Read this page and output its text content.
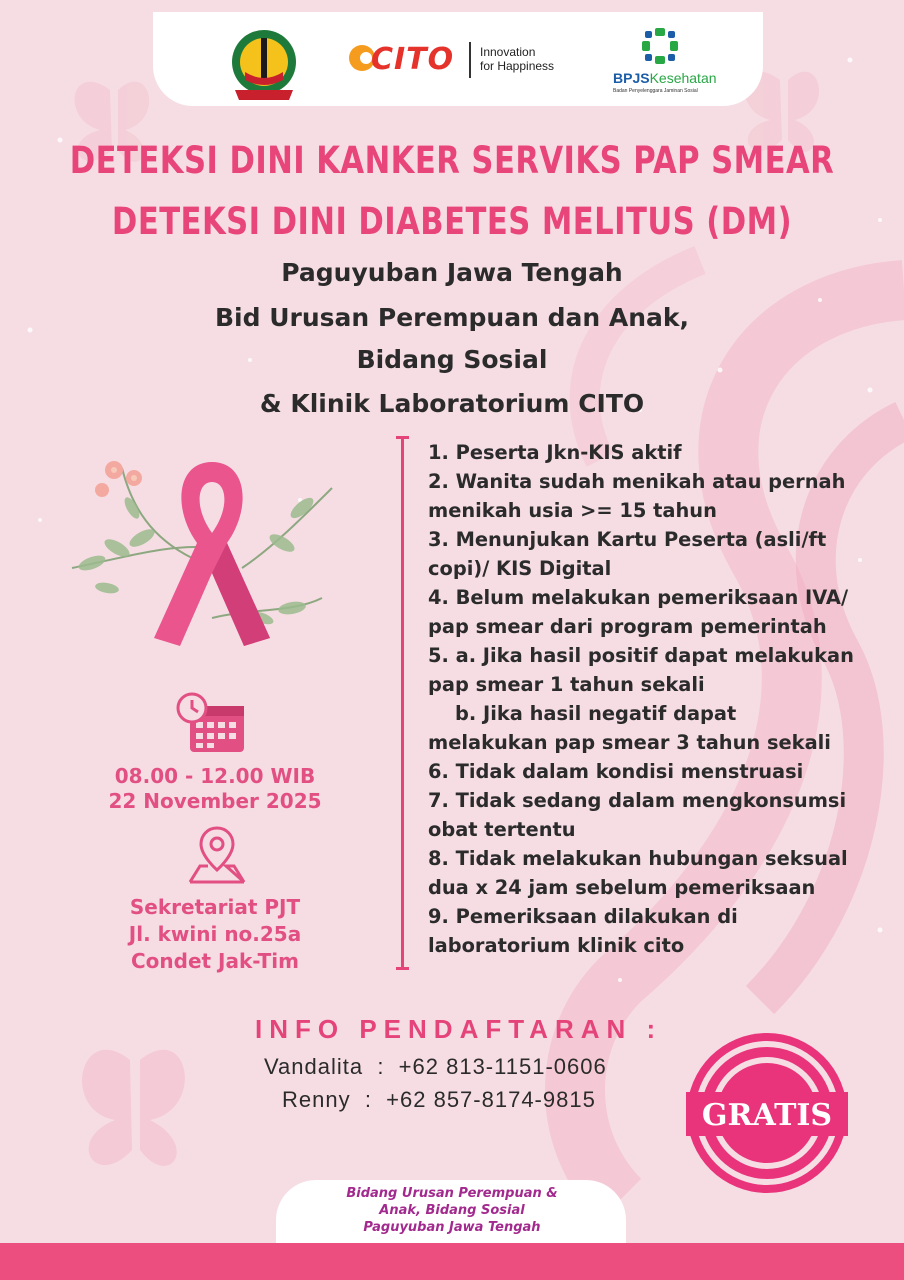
CITO Innovation
for Happiness
BPJSKesehatan
Badan Penyelenggara Jaminan Sosial
DETEKSI DINI KANKER SERVIKS PAP SMEAR
DETEKSI DINI DIABETES MELITUS (DM)
Paguyuban Jawa Tengah
Bid Urusan Perempuan dan Anak,
Bidang Sosial
& Klinik Laboratorium CITO
08.00 - 12.00 WIB
22 November 2025
Sekretariat PJT
Jl. kwini no.25a
Condet Jak-Tim
1. Peserta Jkn-KIS aktif
2. Wanita sudah menikah atau pernah
menikah usia >= 15 tahun
3. Menunjukan Kartu Peserta (asli/ft
copi)/ KIS Digital
4. Belum melakukan pemeriksaan IVA/
pap smear dari program pemerintah
5. a. Jika hasil positif dapat melakukan
pap smear 1 tahun sekali
b. Jika hasil negatif dapat
melakukan pap smear 3 tahun sekali
6. Tidak dalam kondisi menstruasi
7. Tidak sedang dalam mengkonsumsi
obat tertentu
8. Tidak melakukan hubungan seksual
dua x 24 jam sebelum pemeriksaan
9. Pemeriksaan dilakukan di
laboratorium klinik cito
INFO PENDAFTARAN :
Vandalita  :  +62 813-1151-0606
Renny  :  +62 857-8174-9815	GRATIS
Bidang Urusan Perempuan &
Anak, Bidang Sosial
Paguyuban Jawa Tengah
